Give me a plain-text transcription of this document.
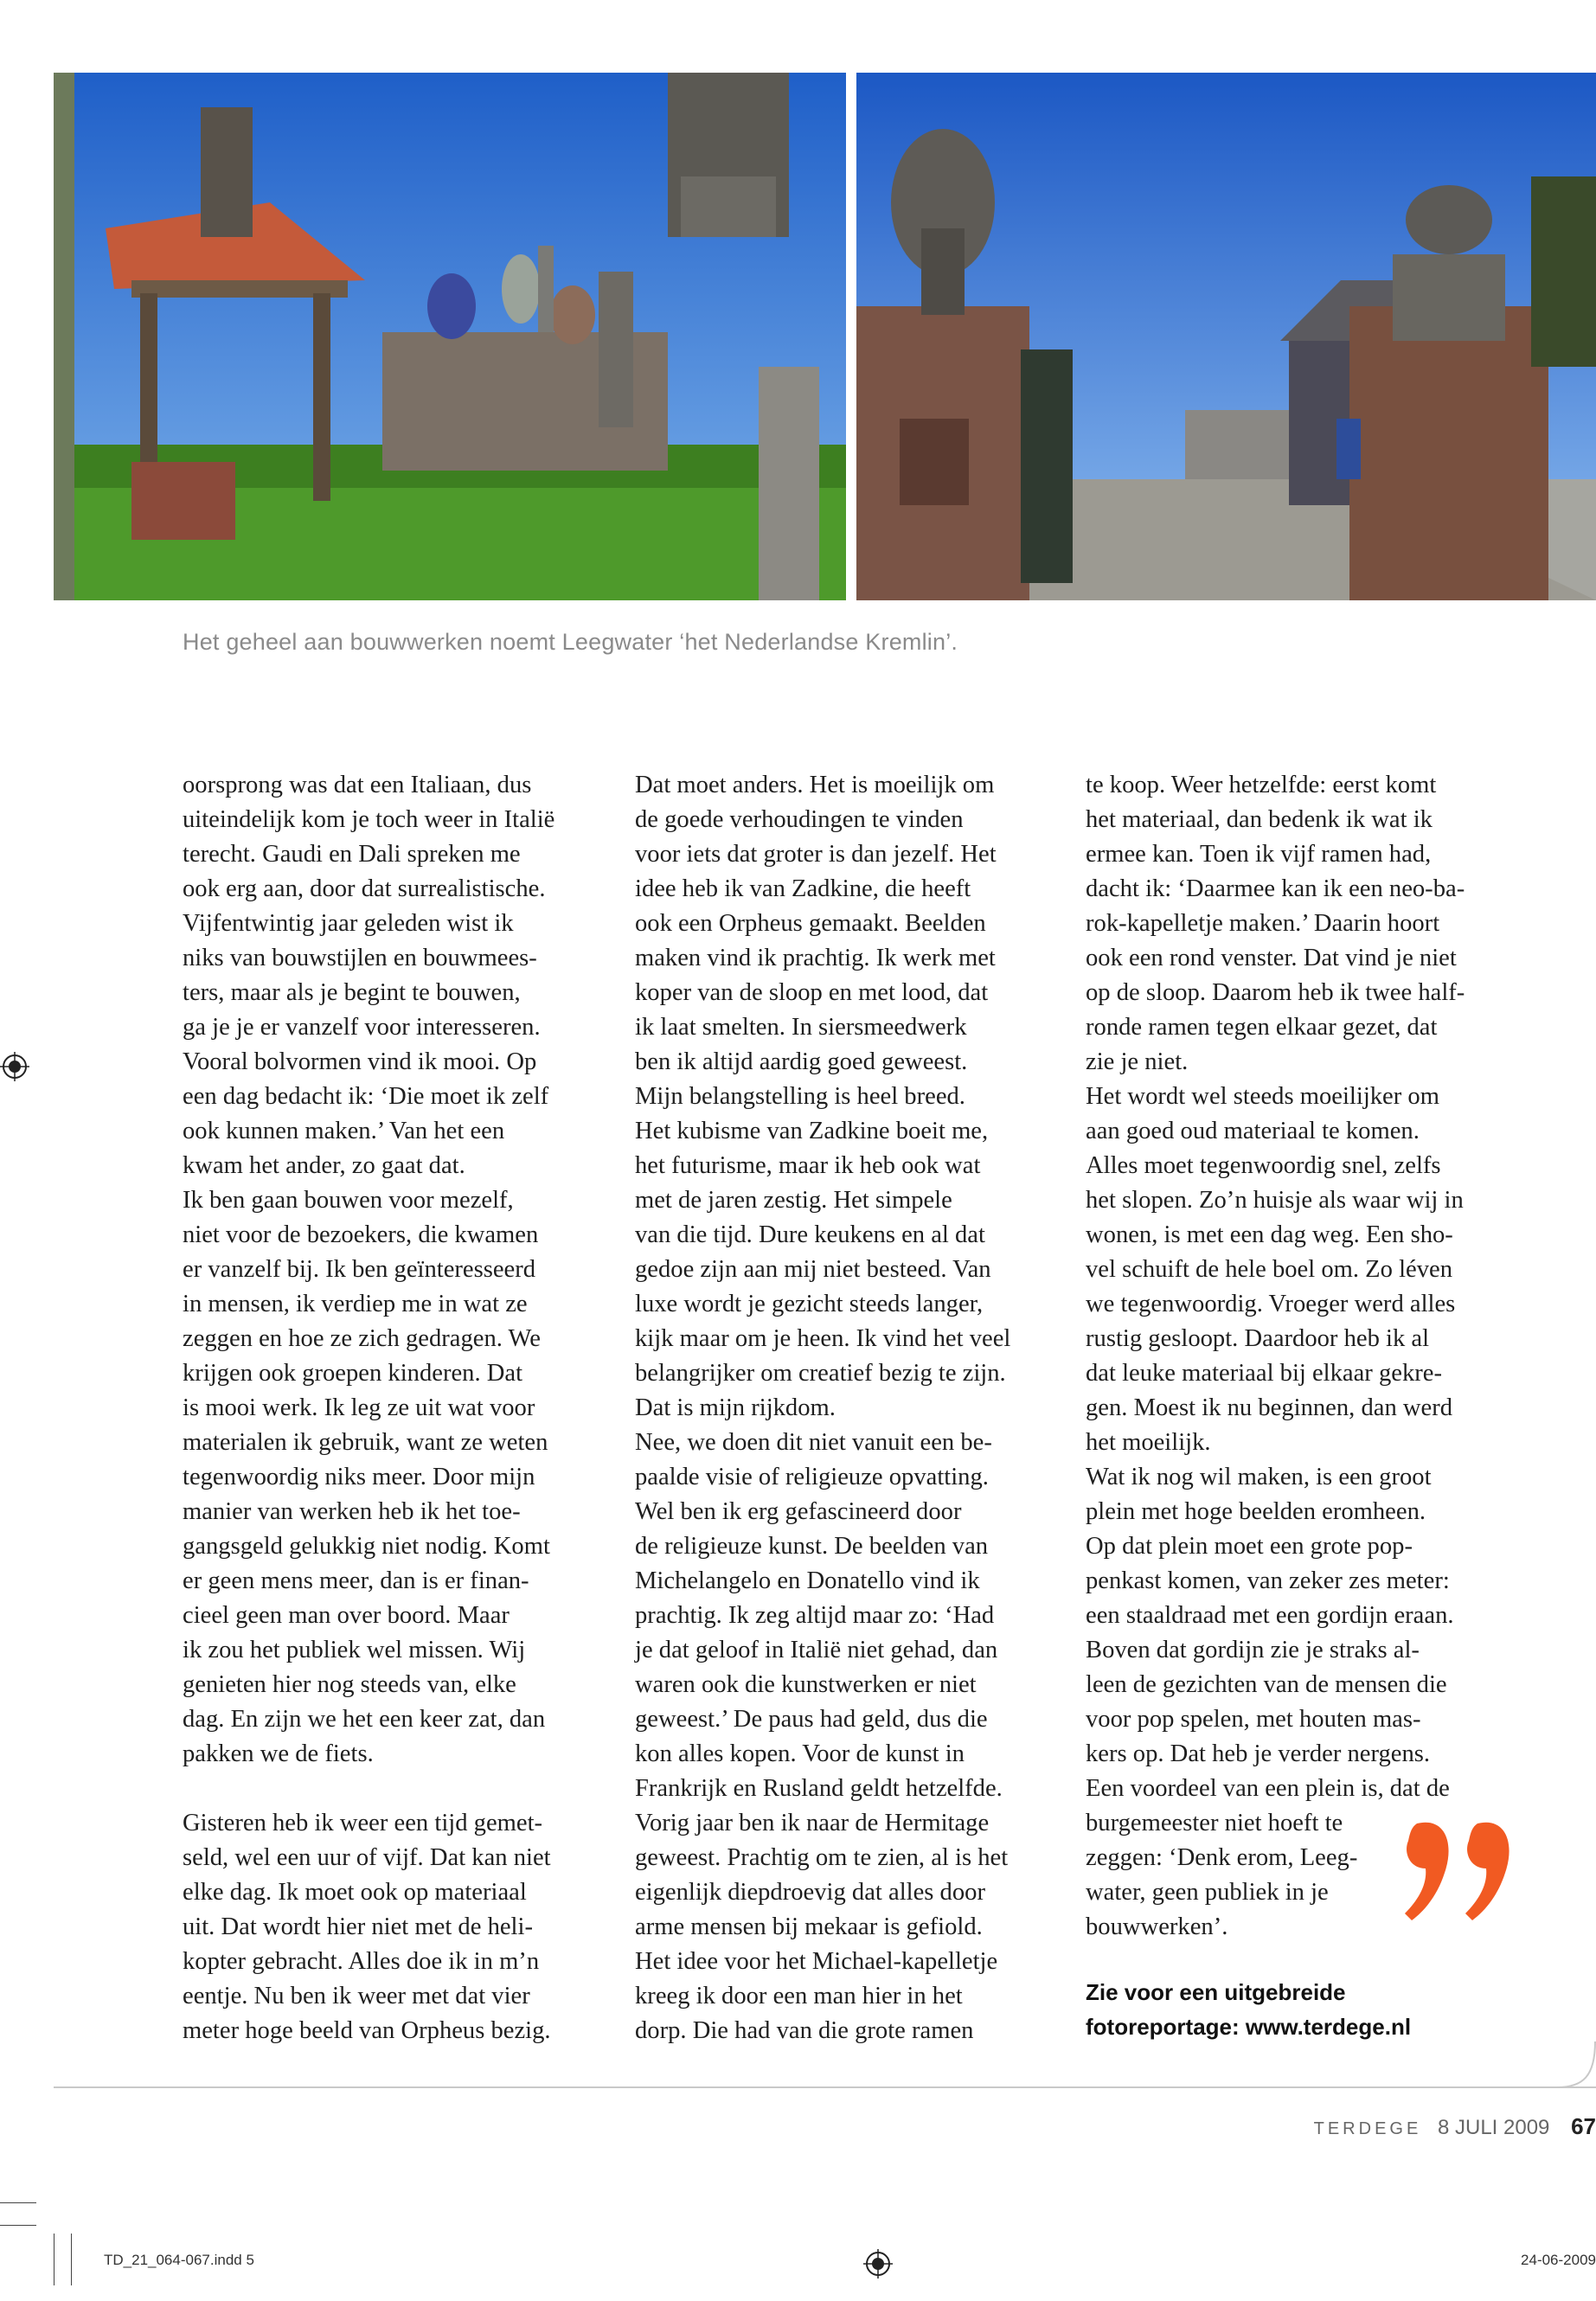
Het geheel aan bouwwerken noemt Leegwater ‘het Nederlandse Kremlin’.

oorsprong was dat een Italiaan, dus

uiteindelijk kom je toch weer in Italië

terecht. Gaudi en Dali spreken me

ook erg aan, door dat surrealistische.

Vijfentwintig jaar geleden wist ik

niks van bouwstijlen en bouwmees-

ters, maar als je begint te bouwen,

ga je je er vanzelf voor interesseren.

Vooral bolvormen vind ik mooi. Op

een dag bedacht ik: ‘Die moet ik zelf

ook kunnen maken.’ Van het een

kwam het ander, zo gaat dat.

Ik ben gaan bouwen voor mezelf,

niet voor de bezoekers, die kwamen

er vanzelf bij. Ik ben geïnteresseerd

in mensen, ik verdiep me in wat ze

zeggen en hoe ze zich gedragen. We

krijgen ook groepen kinderen. Dat

is mooi werk. Ik leg ze uit wat voor

materialen ik gebruik, want ze weten

tegenwoordig niks meer. Door mijn

manier van werken heb ik het toe-

gangsgeld gelukkig niet nodig. Komt

er geen mens meer, dan is er finan-

cieel geen man over boord. Maar

ik zou het publiek wel missen. Wij

genieten hier nog steeds van, elke

dag. En zijn we het een keer zat, dan

pakken we de fiets.

Gisteren heb ik weer een tijd gemet-

seld, wel een uur of vijf. Dat kan niet

elke dag. Ik moet ook op materiaal

uit. Dat wordt hier niet met de heli-

kopter gebracht. Alles doe ik in m’n

eentje. Nu ben ik weer met dat vier

meter hoge beeld van Orpheus bezig.

Dat moet anders. Het is moeilijk om

de goede verhoudingen te vinden

voor iets dat groter is dan jezelf. Het

idee heb ik van Zadkine, die heeft

ook een Orpheus gemaakt. Beelden

maken vind ik prachtig. Ik werk met

koper van de sloop en met lood, dat

ik laat smelten. In siersmeedwerk

ben ik altijd aardig goed geweest.

Mijn belangstelling is heel breed.

Het kubisme van Zadkine boeit me,

het futurisme, maar ik heb ook wat

met de jaren zestig. Het simpele

van die tijd. Dure keukens en al dat

gedoe zijn aan mij niet besteed. Van

luxe wordt je gezicht steeds langer,

kijk maar om je heen. Ik vind het veel

belangrijker om creatief bezig te zijn.

Dat is mijn rijkdom.

Nee, we doen dit niet vanuit een be-

paalde visie of religieuze opvatting.

Wel ben ik erg gefascineerd door

de religieuze kunst. De beelden van

Michelangelo en Donatello vind ik

prachtig. Ik zeg altijd maar zo: ‘Had

je dat geloof in Italië niet gehad, dan

waren ook die kunstwerken er niet

geweest.’ De paus had geld, dus die

kon alles kopen. Voor de kunst in

Frankrijk en Rusland geldt hetzelfde.

Vorig jaar ben ik naar de Hermitage

geweest. Prachtig om te zien, al is het

eigenlijk diepdroevig dat alles door

arme mensen bij mekaar is gefiold.

Het idee voor het Michael-kapelletje

kreeg ik door een man hier in het

dorp. Die had van die grote ramen

te koop. Weer hetzelfde: eerst komt

het materiaal, dan bedenk ik wat ik

ermee kan. Toen ik vijf ramen had,

dacht ik: ‘Daarmee kan ik een neo-ba-

rok-kapelletje maken.’ Daarin hoort

ook een rond venster. Dat vind je niet

op de sloop. Daarom heb ik twee half-

ronde ramen tegen elkaar gezet, dat

zie je niet.

Het wordt wel steeds moeilijker om

aan goed oud materiaal te komen.

Alles moet tegenwoordig snel, zelfs

het slopen. Zo’n huisje als waar wij in

wonen, is met een dag weg. Een sho-

vel schuift de hele boel om. Zo léven

we tegenwoordig. Vroeger werd alles

rustig gesloopt. Daardoor heb ik al

dat leuke materiaal bij elkaar gekre-

gen. Moest ik nu beginnen, dan werd

het moeilijk.

Wat ik nog wil maken, is een groot

plein met hoge beelden eromheen.

Op dat plein moet een grote pop-

penkast komen, van zeker zes meter:

een staaldraad met een gordijn eraan.

Boven dat gordijn zie je straks al-

leen de gezichten van de mensen die

voor pop spelen, met houten mas-

kers op. Dat heb je verder nergens.

Een voordeel van een plein is, dat de

burgemeester niet hoeft te

zeggen: ‘Denk erom, Leeg-

water, geen publiek in je

bouwwerken’.

Zie voor een uitgebreide
fotoreportage: www.terdege.nl
TERDEGE 8 JULI 2009 67
TD_21_064-067.indd 5	24-06-2009
